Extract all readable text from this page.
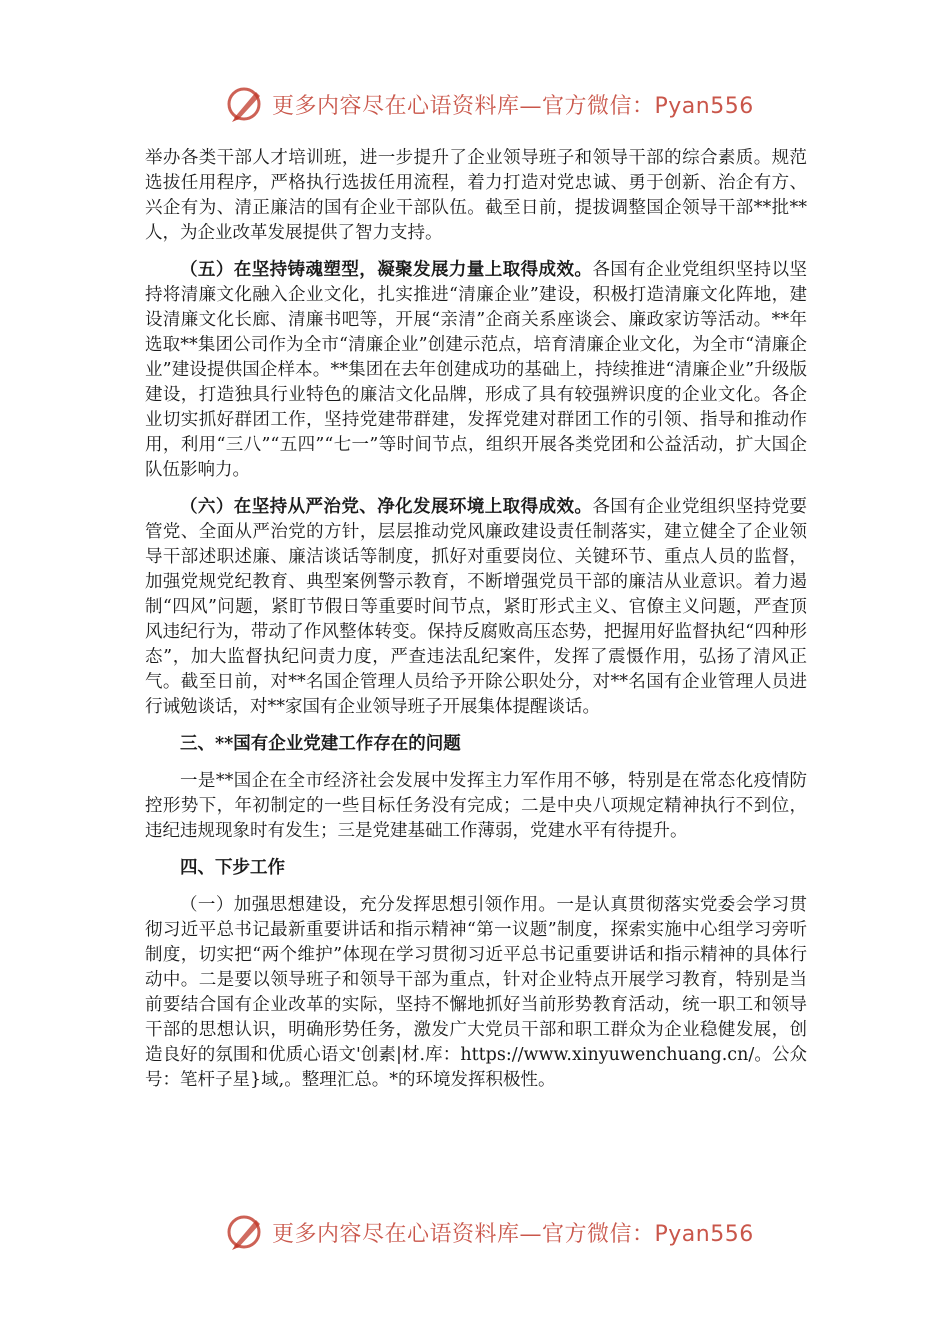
更多内容尽在心语资料库—官方微信：Pyan556

举办各类干部人才培训班，进一步提升了企业领导班子和领导干部的综合素质。规范选拔任用程序，严格执行选拔任用流程，着力打造对党忠诚、勇于创新、治企有方、兴企有为、清正廉洁的国有企业干部队伍。截至日前，提拔调整国企领导干部**批**人，为企业改革发展提供了智力支持。

（五）在坚持铸魂塑型，凝聚发展力量上取得成效。各国有企业党组织坚持以坚持将清廉文化融入企业文化，扎实推进“清廉企业”建设，积极打造清廉文化阵地，建设清廉文化长廊、清廉书吧等，开展“亲清”企商关系座谈会、廉政家访等活动。**年选取**集团公司作为全市“清廉企业”创建示范点，培育清廉企业文化，为全市“清廉企业”建设提供国企样本。**集团在去年创建成功的基础上，持续推进“清廉企业”升级版建设，打造独具行业特色的廉洁文化品牌，形成了具有较强辨识度的企业文化。各企业切实抓好群团工作，坚持党建带群建，发挥党建对群团工作的引领、指导和推动作用，利用“三八”“五四”“七一”等时间节点，组织开展各类党团和公益活动，扩大国企队伍影响力。

（六）在坚持从严治党、净化发展环境上取得成效。各国有企业党组织坚持党要管党、全面从严治党的方针，层层推动党风廉政建设责任制落实，建立健全了企业领导干部述职述廉、廉洁谈话等制度，抓好对重要岗位、关键环节、重点人员的监督，加强党规党纪教育、典型案例警示教育，不断增强党员干部的廉洁从业意识。着力遏制“四风”问题，紧盯节假日等重要时间节点，紧盯形式主义、官僚主义问题，严查顶风违纪行为，带动了作风整体转变。保持反腐败高压态势，把握用好监督执纪“四种形态”，加大监督执纪问责力度，严查违法乱纪案件，发挥了震慑作用，弘扬了清风正气。截至日前，对**名国企管理人员给予开除公职处分，对**名国有企业管理人员进行诫勉谈话，对**家国有企业领导班子开展集体提醒谈话。

三、**国有企业党建工作存在的问题

一是**国企在全市经济社会发展中发挥主力军作用不够，特别是在常态化疫情防控形势下，年初制定的一些目标任务没有完成；二是中央八项规定精神执行不到位，违纪违规现象时有发生；三是党建基础工作薄弱，党建水平有待提升。

四、下步工作

（一）加强思想建设，充分发挥思想引领作用。一是认真贯彻落实党委会学习贯彻习近平总书记最新重要讲话和指示精神“第一议题”制度，探索实施中心组学习旁听制度，切实把“两个维护”体现在学习贯彻习近平总书记重要讲话和指示精神的具体行动中。二是要以领导班子和领导干部为重点，针对企业特点开展学习教育，特别是当前要结合国有企业改革的实际，坚持不懈地抓好当前形势教育活动，统一职工和领导干部的思想认识，明确形势任务，激发广大党员干部和职工群众为企业稳健发展，创造良好的氛围和优质心语文'创素|材.库：https://www.xinyuwenchuang.cn/。公众号：笔杆子星}域,。整理汇总。*的环境发挥积极性。

更多内容尽在心语资料库—官方微信：Pyan556
